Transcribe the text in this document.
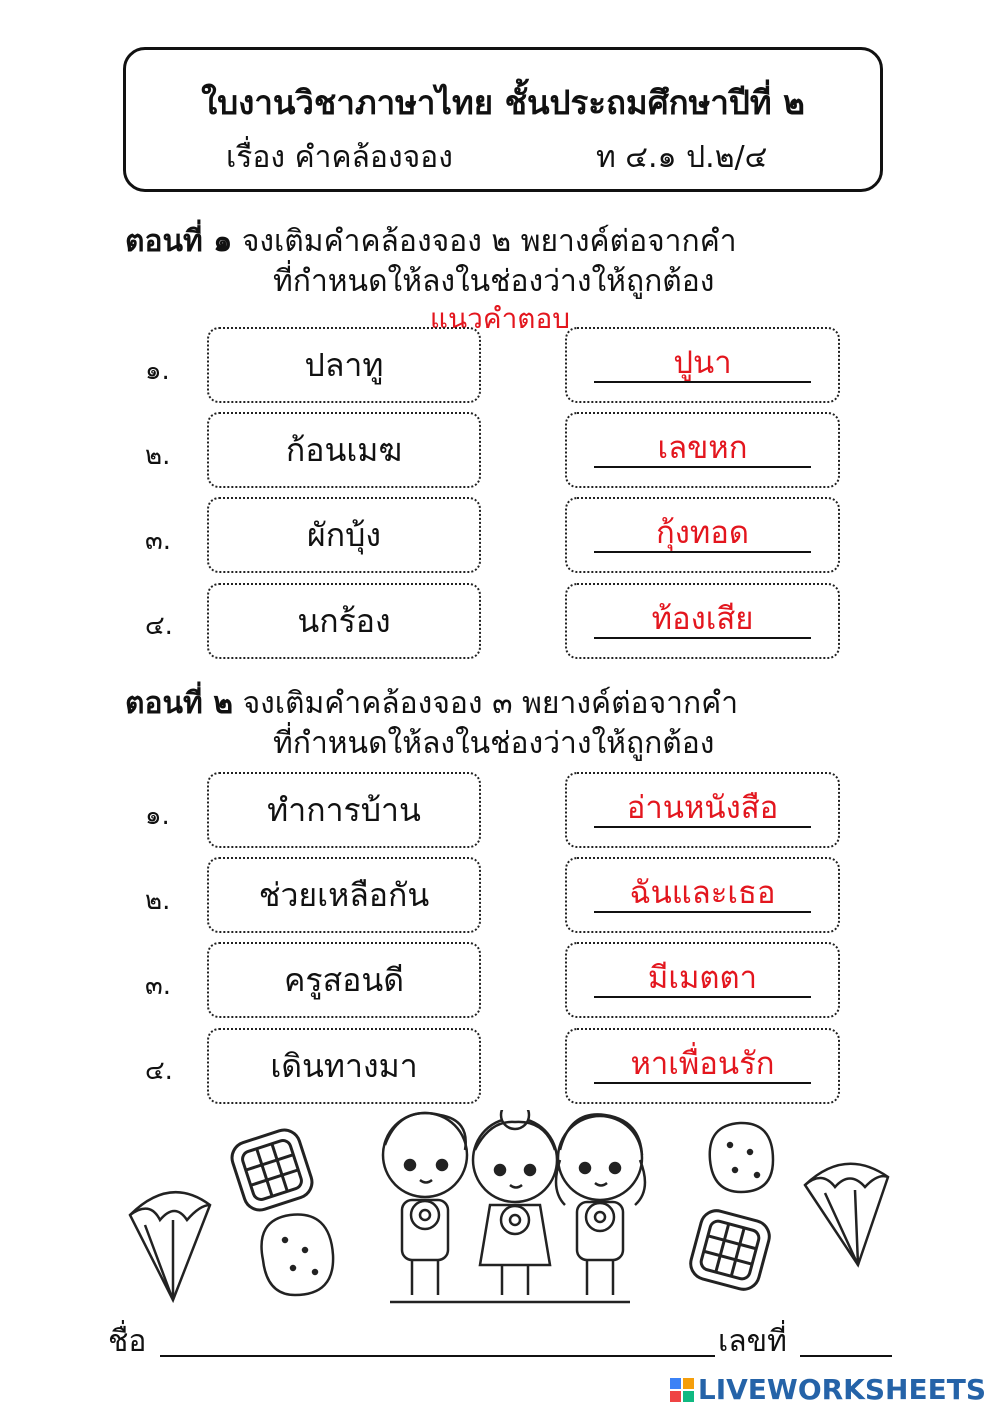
ใบงานวิชาภาษาไทย ชั้นประถมศึกษาปีที่ ๒
เรื่อง คำคล้องจอง	ท ๔.๑ ป.๒/๔
ตอนที่ ๑ จงเติมคำคล้องจอง ๒ พยางค์ต่อจากคำ
ที่กำหนดให้ลงในช่องว่างให้ถูกต้อง
แนวคำตอบ
๑.	ปลาทู	ปูนา
๒.	ก้อนเมฆ	เลขหก
๓.	ผักบุ้ง	กุ้งทอด
๔.	นกร้อง	ท้องเสีย
ตอนที่ ๒ จงเติมคำคล้องจอง ๓ พยางค์ต่อจากคำ
ที่กำหนดให้ลงในช่องว่างให้ถูกต้อง
๑.	ทำการบ้าน	อ่านหนังสือ
๒.	ช่วยเหลือกัน	ฉันและเธอ
๓.	ครูสอนดี	มีเมตตา
๔.	เดินทางมา	หาเพื่อนรัก
ชื่อ	เลขที่
LIVEWORKSHEETS
